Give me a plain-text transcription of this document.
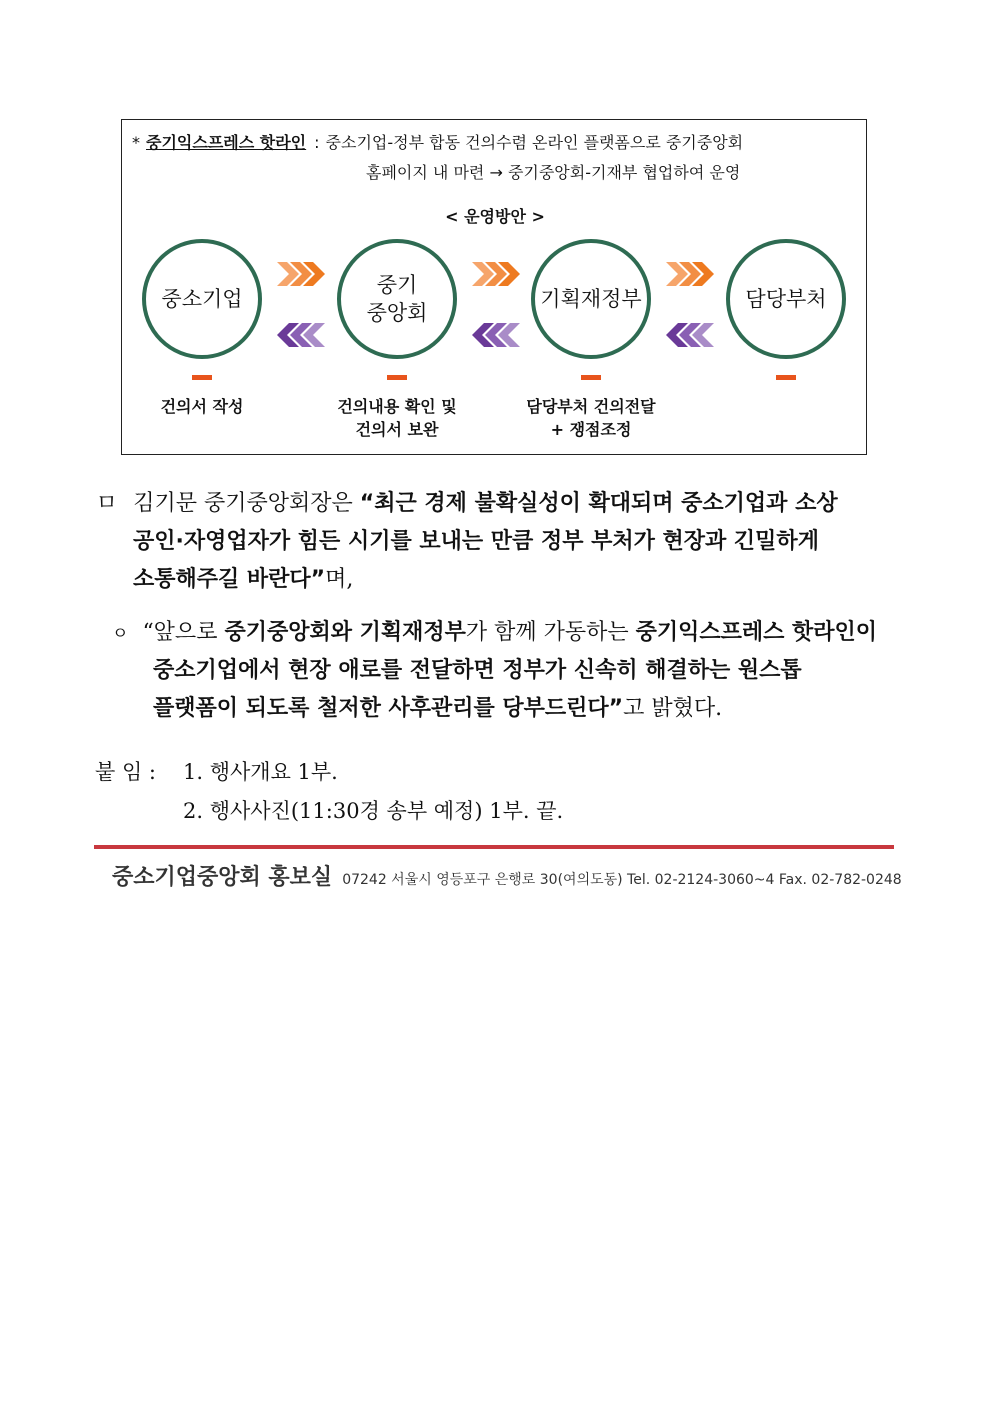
* 중기익스프레스 핫라인 : 중소기업-정부 합동 건의수렴 온라인 플랫폼으로 중기중앙회
홈페이지 내 마련 → 중기중앙회-기재부 협업하여 운영
< 운영방안 >
중소기업
중기
중앙회
기획재정부	담당부처
건의서 작성	건의내용 확인 및
건의서 보완
담당부처 건의전달
+ 쟁점조정
ㅁ 김기문 중기중앙회장은 “최근 경제 불확실성이 확대되며 중소기업과 소상
공인·자영업자가 힘든 시기를 보내는 만큼 정부 부처가 현장과 긴밀하게
소통해주길 바란다”며,
ㅇ “앞으로 중기중앙회와 기획재정부가 함께 가동하는 중기익스프레스 핫라인이
중소기업에서 현장 애로를 전달하면 정부가 신속히 해결하는 원스톱
플랫폼이 되도록 철저한 사후관리를 당부드린다”고 밝혔다.
붙 임 : 1. 행사개요 1부.
2. 행사사진(11:30경 송부 예정) 1부. 끝.
중소기업중앙회 홍보실 07242 서울시 영등포구 은행로 30(여의도동) Tel. 02-2124-3060~4 Fax. 02-782-0248
